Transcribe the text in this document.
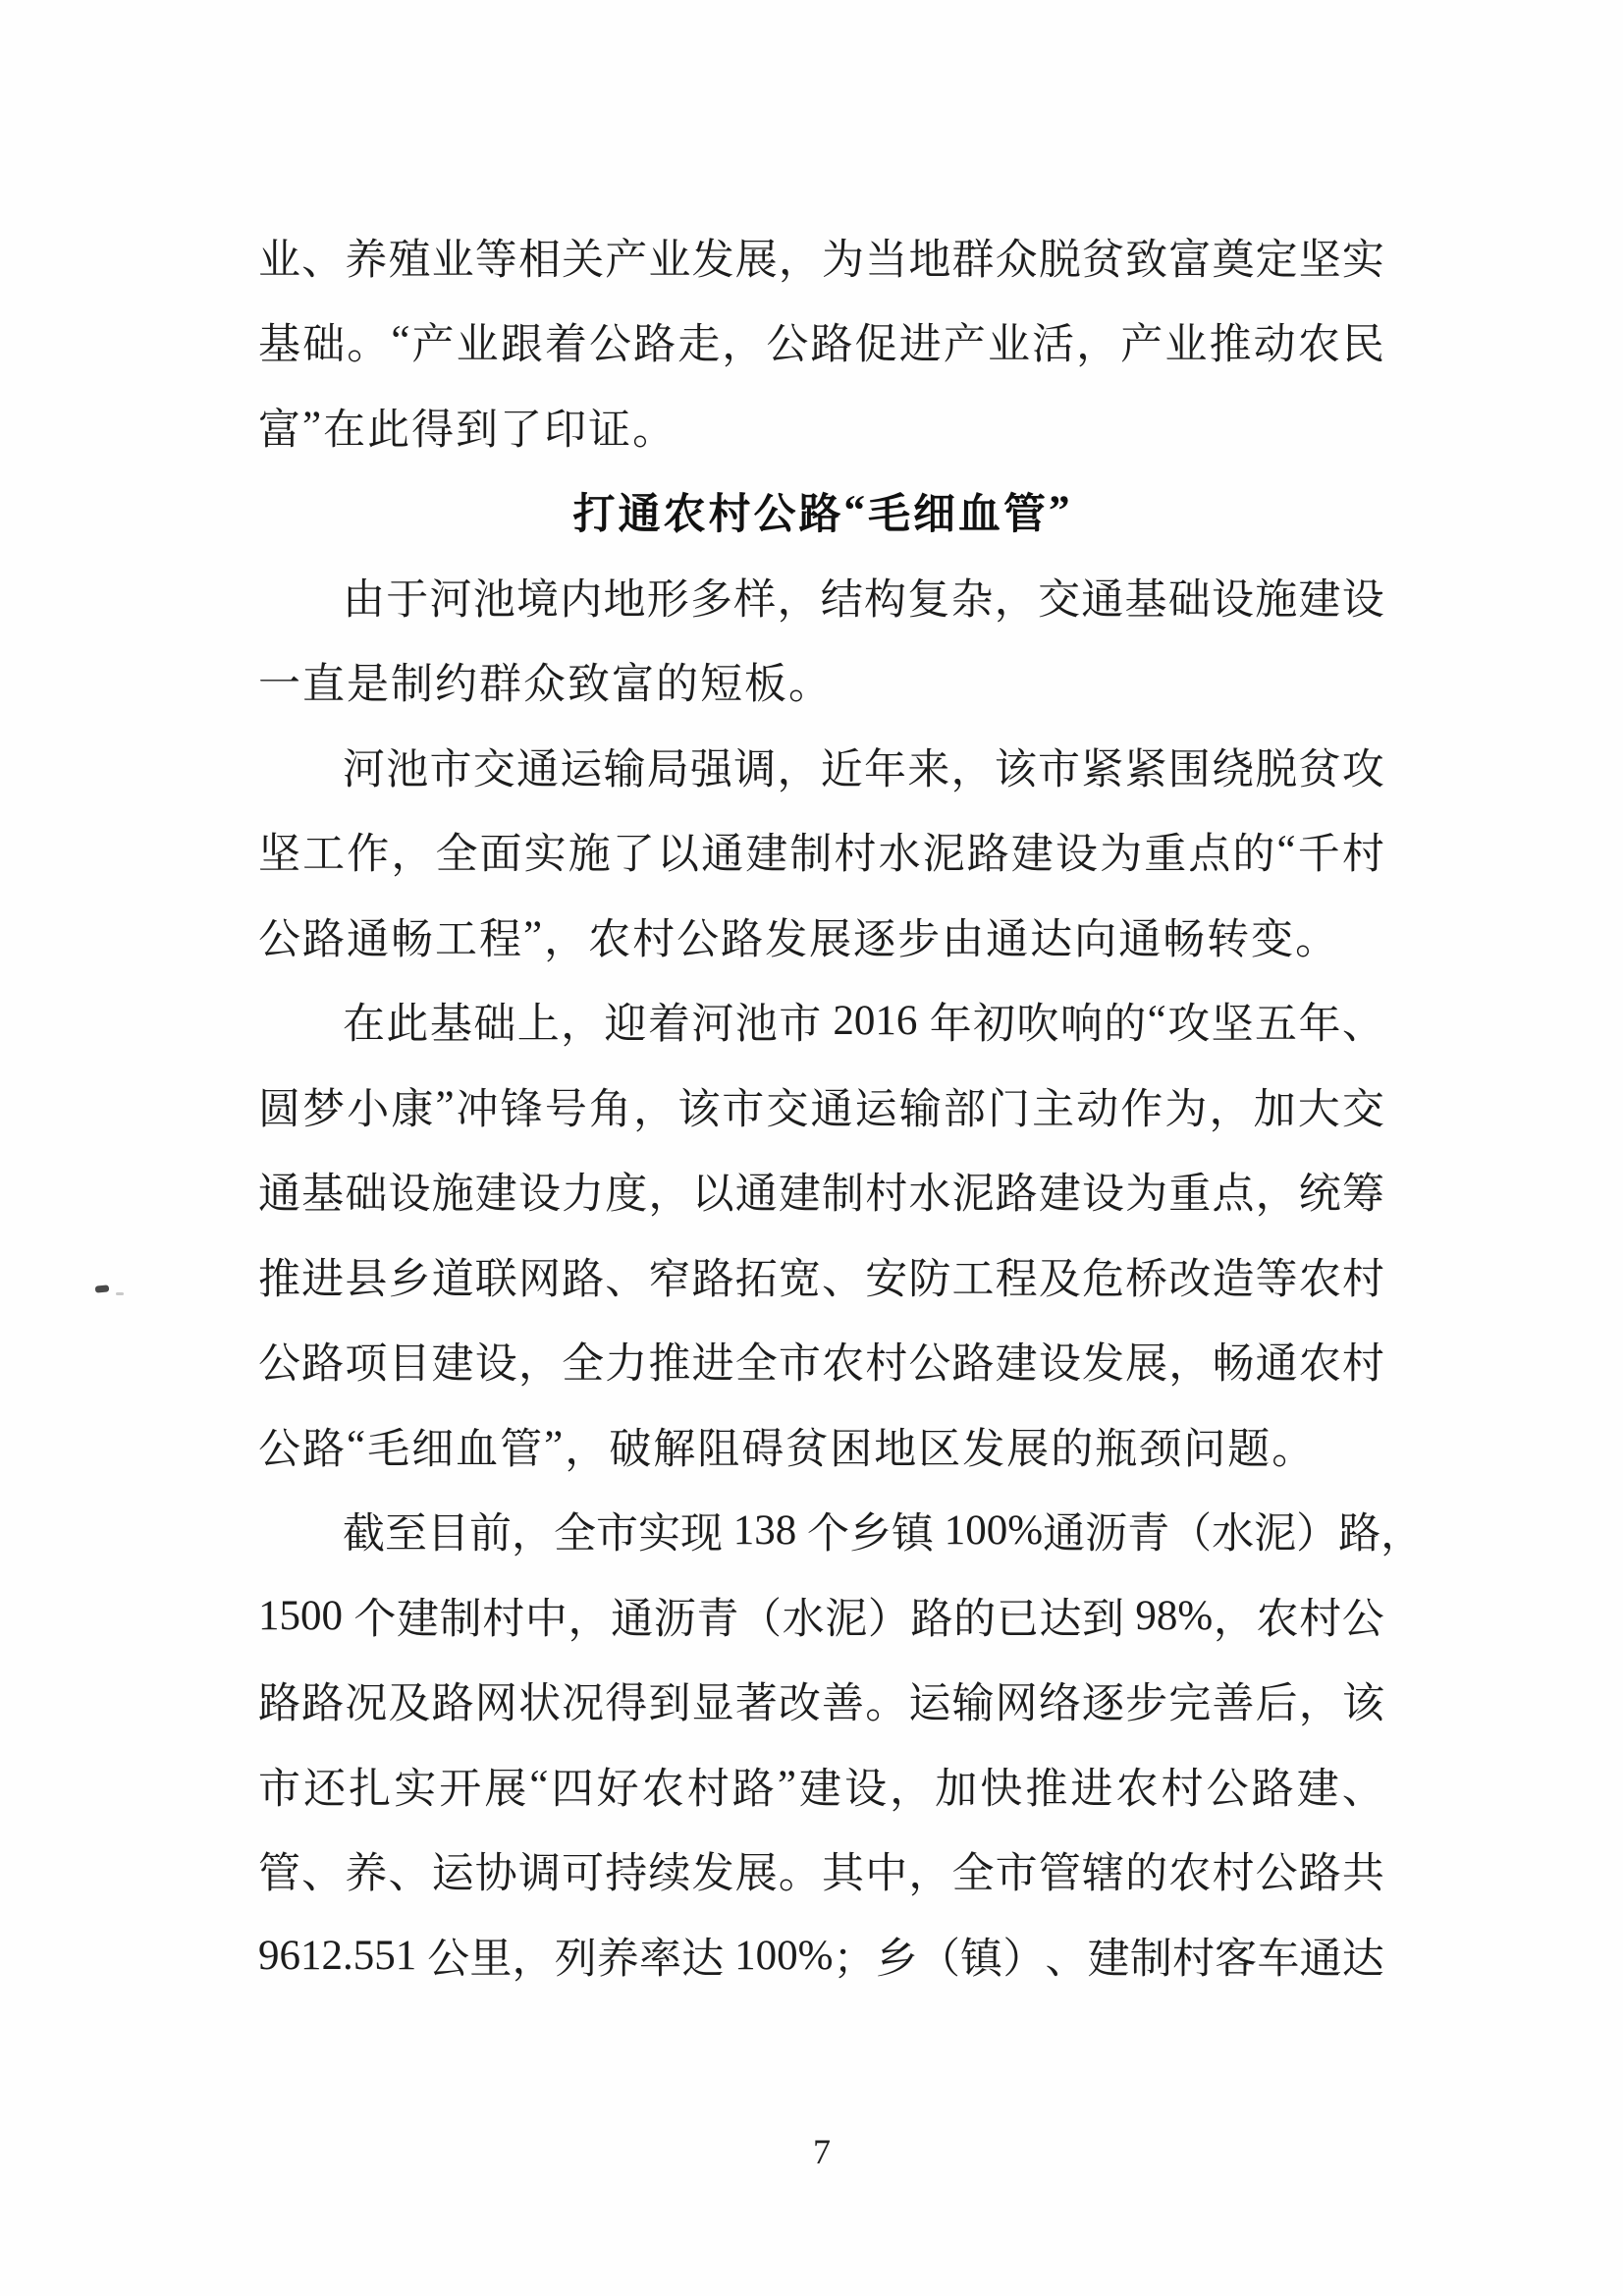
业 、 养 殖 业 等 相 关 产 业 发 展 ， 为 当 地 群 众 脱 贫 致 富 奠 定 坚 实
基 础 。 “ 产 业 跟 着 公 路 走 ， 公 路 促 进 产 业 活 ， 产 业 推 动 农 民
富 ” 在 此 得 到 了 印 证 。
打 通 农 村 公 路 “ 毛 细 血 管 ”
由 于 河 池 境 内 地 形 多 样 ， 结 构 复 杂 ， 交 通 基 础 设 施 建 设
一 直 是 制 约 群 众 致 富 的 短 板 。
河 池 市 交 通 运 输 局 强 调 ， 近 年 来 ， 该 市 紧 紧 围 绕 脱 贫 攻
坚 工 作 ， 全 面 实 施 了 以 通 建 制 村 水 泥 路 建 设 为 重 点 的 “ 千 村
公 路 通 畅 工 程 ” ， 农 村 公 路 发 展 逐 步 由 通 达 向 通 畅 转 变 。
在 此 基 础 上 ， 迎 着 河 池 市 2016 年 初 吹 响 的 “ 攻 坚 五 年 、
圆 梦 小 康 ” 冲 锋 号 角 ， 该 市 交 通 运 输 部 门 主 动 作 为 ， 加 大 交
通 基 础 设 施 建 设 力 度 ， 以 通 建 制 村 水 泥 路 建 设 为 重 点 ， 统 筹
推 进 县 乡 道 联 网 路 、 窄 路 拓 宽 、 安 防 工 程 及 危 桥 改 造 等 农 村
公 路 项 目 建 设 ， 全 力 推 进 全 市 农 村 公 路 建 设 发 展 ， 畅 通 农 村
公 路 “ 毛 细 血 管 ” ， 破 解 阻 碍 贫 困 地 区 发 展 的 瓶 颈 问 题 。
截 至 目 前 ， 全 市 实 现 138 个 乡 镇 100% 通 沥 青 （ 水 泥 ） 路 ，
1500 个 建 制 村 中 ， 通 沥 青 （ 水 泥 ） 路 的 已 达 到 98% ， 农 村 公
路 路 况 及 路 网 状 况 得 到 显 著 改 善 。 运 输 网 络 逐 步 完 善 后 ， 该
市 还 扎 实 开 展 “ 四 好 农 村 路 ” 建 设 ， 加 快 推 进 农 村 公 路 建 、
管 、 养 、 运 协 调 可 持 续 发 展 。 其 中 ， 全 市 管 辖 的 农 村 公 路 共
9612.551 公 里 ， 列 养 率 达 100% ； 乡 （ 镇 ） 、 建 制 村 客 车 通 达
7
